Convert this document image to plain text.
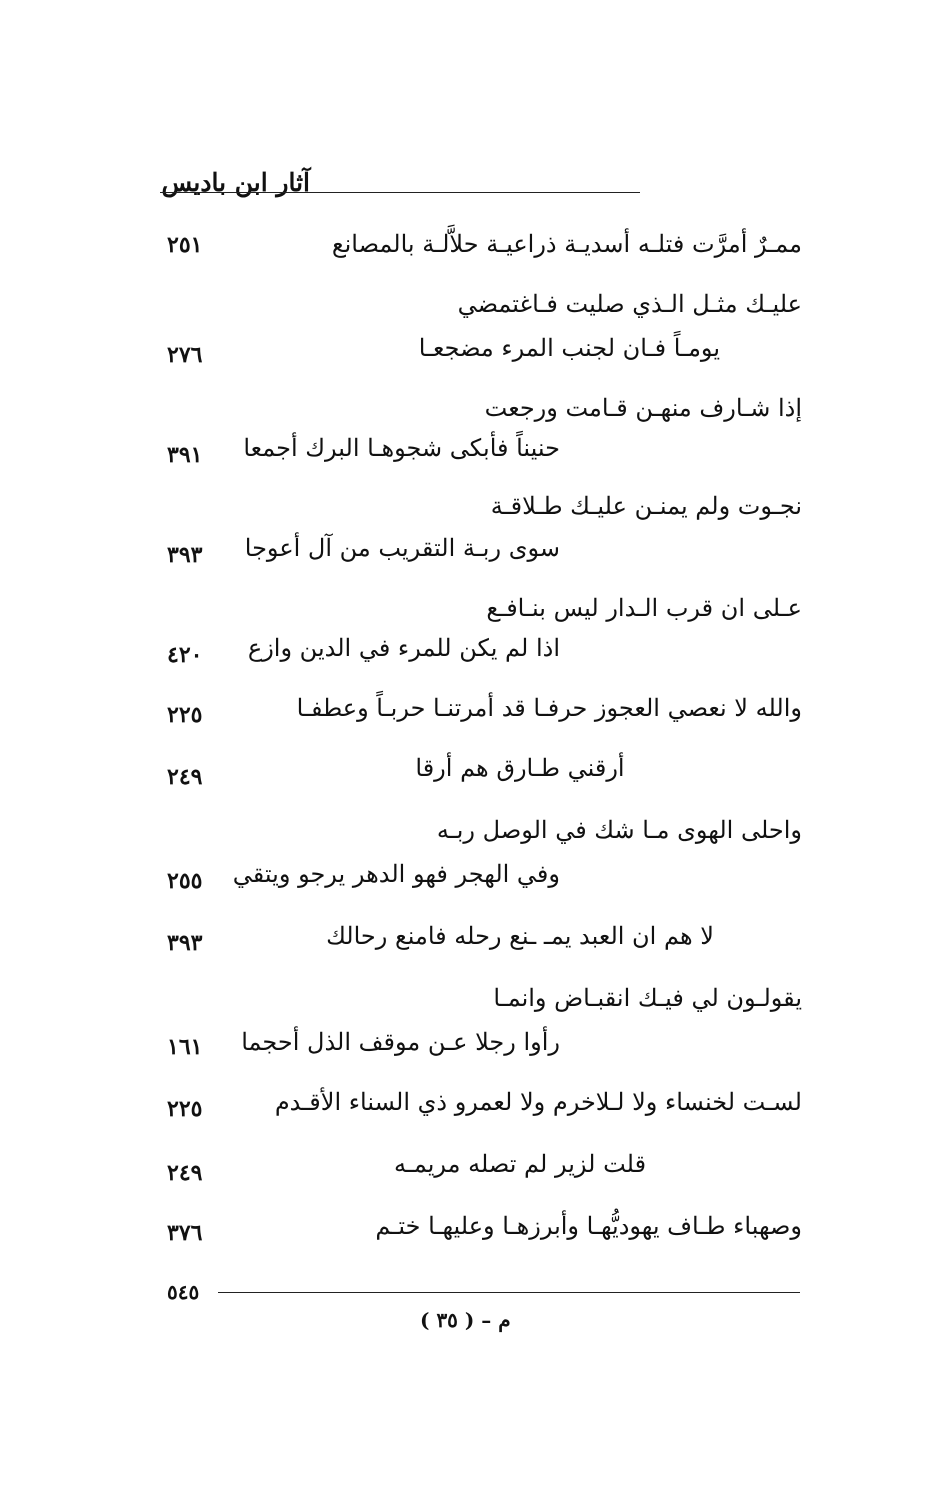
آثار ابن باديس
ممـرٌ أمرَّت فتلـه أسديـة ذراعيـة حلاَّلـة بالمصانع
٢٥١
عليـك مثـل الـذي صليت فـاغتمضي
يومـاً فـان لجنب المرء مضجعـا
٢٧٦
إذا شـارف منهـن قـامت ورجعت
حنيناً فأبكى شجوهـا البرك أجمعا
٣٩١
نجـوت ولم يمنـن عليـك طـلاقـة
سوى ربـة التقريب من آل أعوجا
٣٩٣
عـلى ان قرب الـدار ليس بنـافـع
اذا لم يكن للمرء في الدين وازع
٤٢٠
والله لا نعصي العجوز حرفـا قد أمرتنـا حربـاً وعطفـا
٢٢٥
أرقني طـارق هم أرقا
٢٤٩
واحلى الهوى مـا شك في الوصل ربـه
وفي الهجر فهو الدهر يرجو ويتقي
٢٥٥
لا هم ان العبد يمـ ـنع رحله فامنع رحالك
٣٩٣
يقولـون لي فيـك انقبـاض وانمـا
رأوا رجلا عـن موقف الذل أحجما
١٦١
لسـت لخنساء ولا لـلاخرم ولا لعمرو ذي السناء الأقـدم
٢٢٥
قلت لزير لم تصله مريمـه
٢٤٩
وصهباء طـاف يهوديُّهـا وأبرزهـا وعليهـا ختـم
٣٧٦
٥٤٥
م – ( ٣٥ )
